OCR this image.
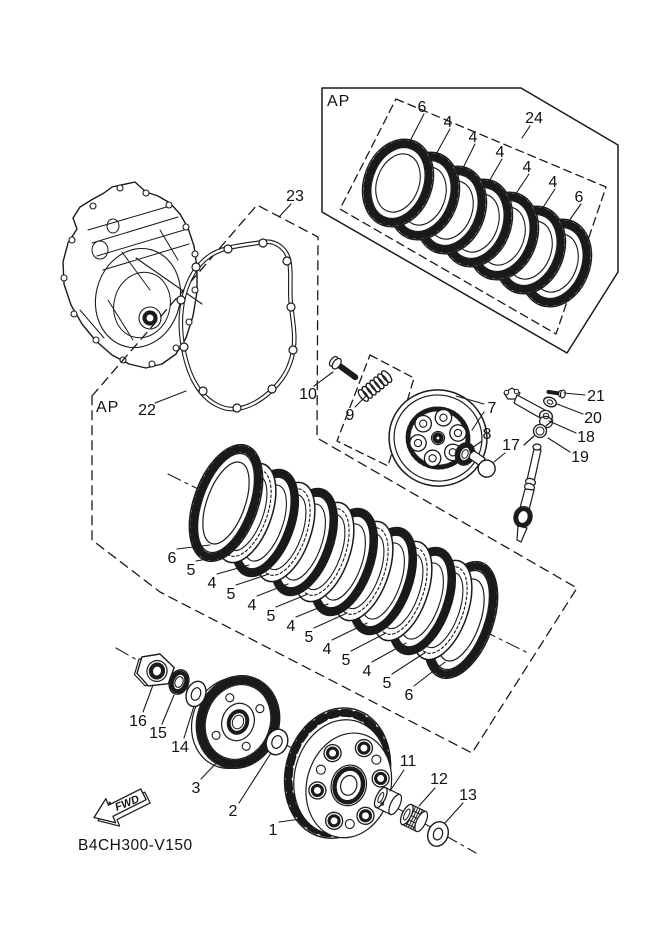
AP	6
4
4
4
4
4
6
24
6
5
4
5
4
5
4
5
4
5
4
5
6
10
9	7
8
17
21
20
18
19
22
23
16
15
14
3
2
1
11
12
13
AP
FWD
B4CH300-V150
